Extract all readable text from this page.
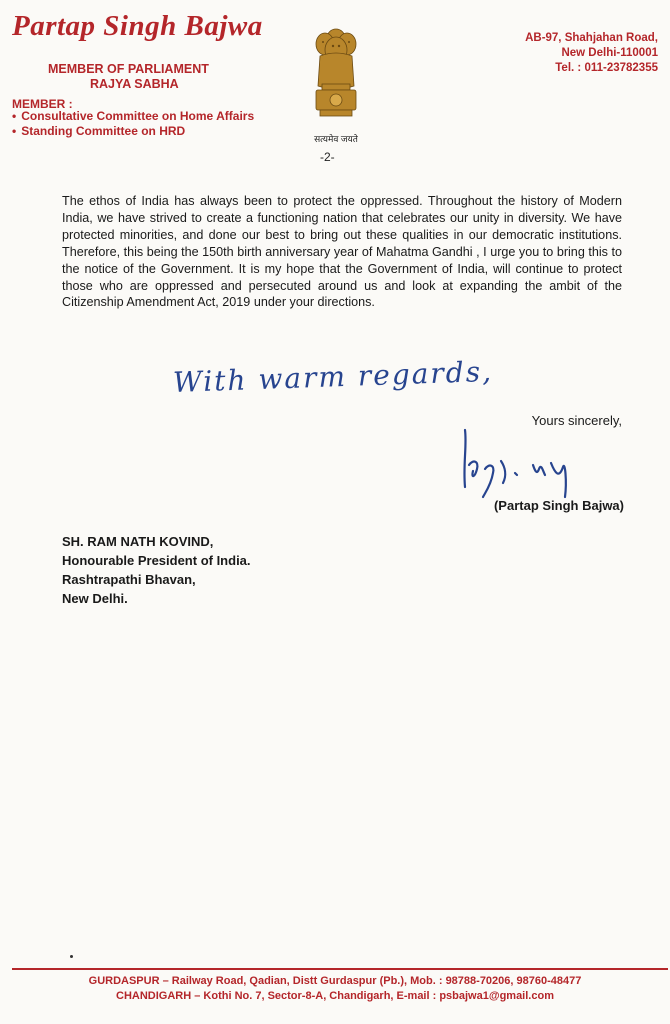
Partap Singh Bajwa
MEMBER OF PARLIAMENT
RAJYA SABHA
MEMBER :
• Consultative Committee on Home Affairs
• Standing Committee on HRD
सत्यमेव जयते
AB-97, Shahjahan Road,
New Delhi-110001
Tel. : 011-23782355
-2-

The ethos of India has always been to protect the oppressed. Throughout the history of Modern India, we have strived to create a functioning nation that celebrates our unity in diversity. We have protected minorities, and done our best to bring out these qualities in our democratic institutions. Therefore, this being the 150th birth anniversary year of Mahatma Gandhi , I urge you to bring this to the notice of the Government. It is my hope that the Government of India, will continue to protect those who are oppressed and persecuted around us and look at expanding the ambit of the Citizenship Amendment Act, 2019 under your directions.

With warm regards,
Yours sincerely,
(Partap Singh Bajwa)
SH. RAM NATH KOVIND,
Honourable President of India.
Rashtrapathi Bhavan,
New Delhi.
GURDASPUR – Railway Road, Qadian, Distt Gurdaspur (Pb.), Mob. : 98788-70206, 98760-48477
CHANDIGARH – Kothi No. 7, Sector-8-A, Chandigarh, E-mail : psbajwa1@gmail.com
